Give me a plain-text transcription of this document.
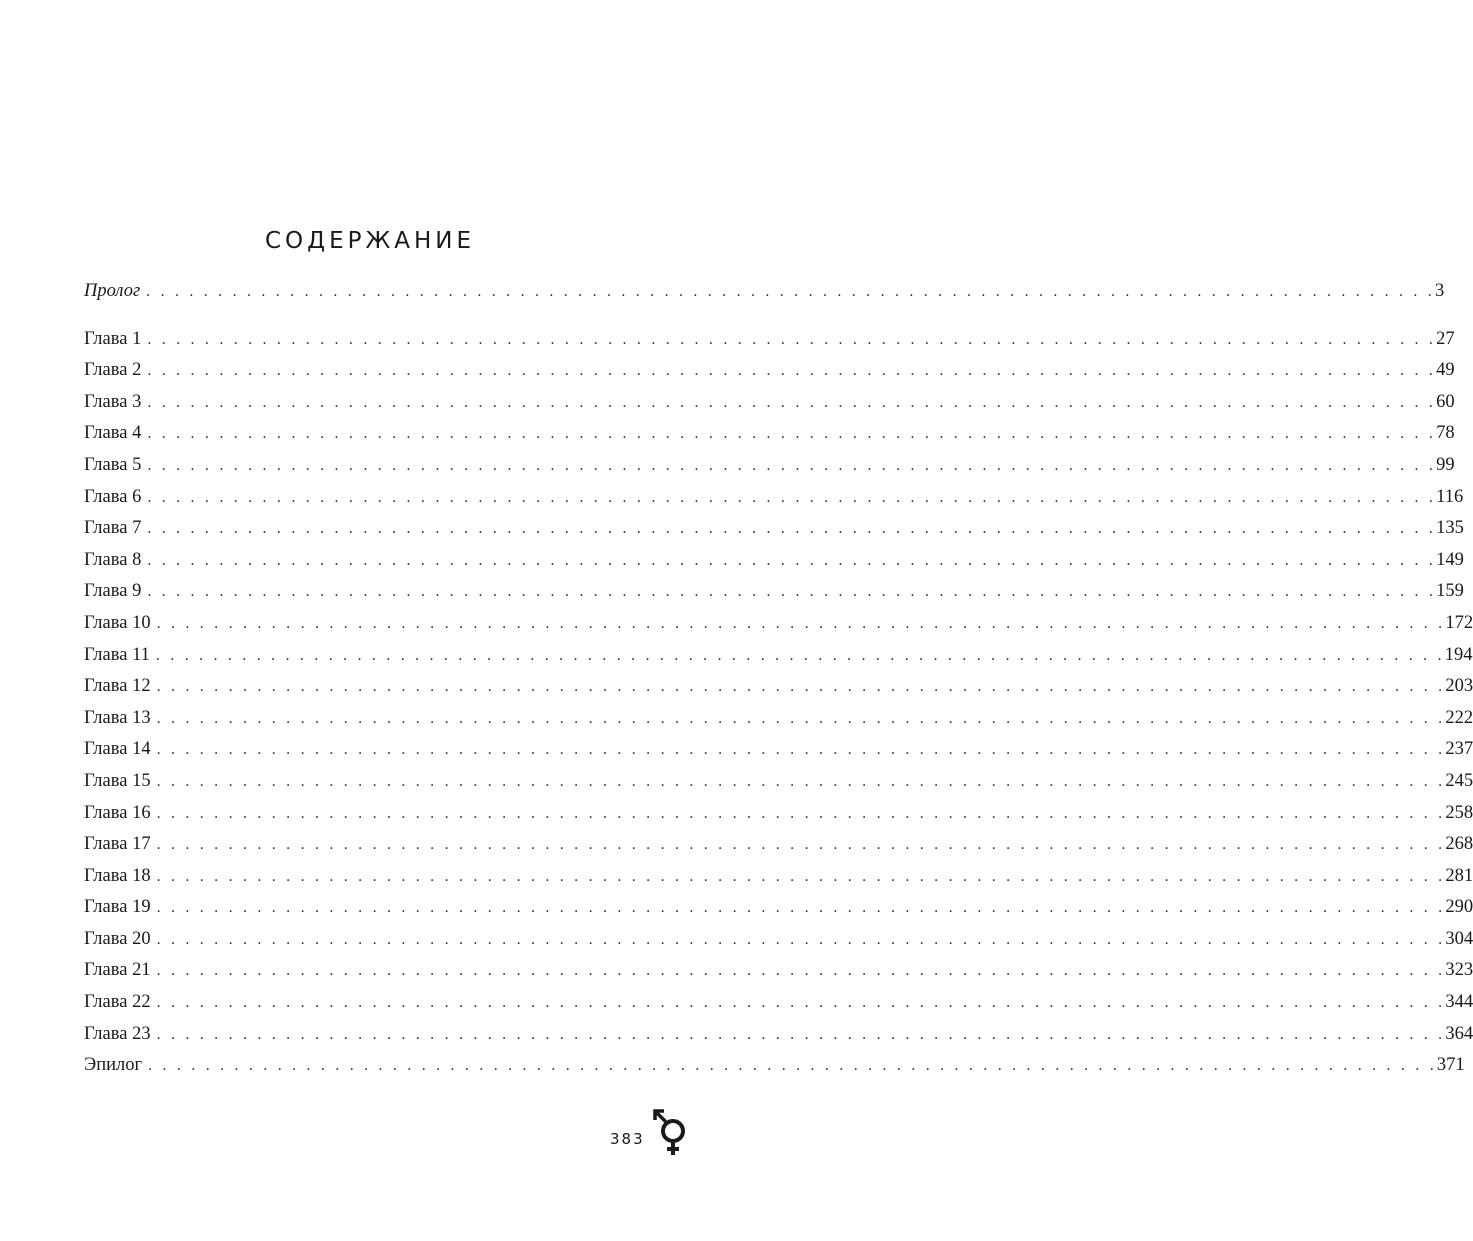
СОДЕРЖАНИЕ
Пролог . . . . . . . . . . . . . . . . . . . . . . . . . . . . . . . . . . . . . . . . . . . . . . . . . . . . . . . . . . . . . . . . . . . . . . . . . . . . . . . . . . . . . . . . . . 3
Глава 1 . . . . . . . . . . . . . . . . . . . . . . . . . . . . . . . . . . . . . . . . . . . . . . . . . . . . . . . . . . . . . . . . . . . . . . . . . . . . . . . . . . . . . . . . . . 27
Глава 2 . . . . . . . . . . . . . . . . . . . . . . . . . . . . . . . . . . . . . . . . . . . . . . . . . . . . . . . . . . . . . . . . . . . . . . . . . . . . . . . . . . . . . . . . . . 49
Глава 3 . . . . . . . . . . . . . . . . . . . . . . . . . . . . . . . . . . . . . . . . . . . . . . . . . . . . . . . . . . . . . . . . . . . . . . . . . . . . . . . . . . . . . . . . . . 60
Глава 4 . . . . . . . . . . . . . . . . . . . . . . . . . . . . . . . . . . . . . . . . . . . . . . . . . . . . . . . . . . . . . . . . . . . . . . . . . . . . . . . . . . . . . . . . . . 78
Глава 5 . . . . . . . . . . . . . . . . . . . . . . . . . . . . . . . . . . . . . . . . . . . . . . . . . . . . . . . . . . . . . . . . . . . . . . . . . . . . . . . . . . . . . . . . . . 99
Глава 6 . . . . . . . . . . . . . . . . . . . . . . . . . . . . . . . . . . . . . . . . . . . . . . . . . . . . . . . . . . . . . . . . . . . . . . . . . . . . . . . . . . . . . . . . . . 116
Глава 7 . . . . . . . . . . . . . . . . . . . . . . . . . . . . . . . . . . . . . . . . . . . . . . . . . . . . . . . . . . . . . . . . . . . . . . . . . . . . . . . . . . . . . . . . . . 135
Глава 8 . . . . . . . . . . . . . . . . . . . . . . . . . . . . . . . . . . . . . . . . . . . . . . . . . . . . . . . . . . . . . . . . . . . . . . . . . . . . . . . . . . . . . . . . . . 149
Глава 9 . . . . . . . . . . . . . . . . . . . . . . . . . . . . . . . . . . . . . . . . . . . . . . . . . . . . . . . . . . . . . . . . . . . . . . . . . . . . . . . . . . . . . . . . . . 159
Глава 10 . . . . . . . . . . . . . . . . . . . . . . . . . . . . . . . . . . . . . . . . . . . . . . . . . . . . . . . . . . . . . . . . . . . . . . . . . . . . . . . . . . . . . . . . . . 172
Глава 11 . . . . . . . . . . . . . . . . . . . . . . . . . . . . . . . . . . . . . . . . . . . . . . . . . . . . . . . . . . . . . . . . . . . . . . . . . . . . . . . . . . . . . . . . . . 194
Глава 12 . . . . . . . . . . . . . . . . . . . . . . . . . . . . . . . . . . . . . . . . . . . . . . . . . . . . . . . . . . . . . . . . . . . . . . . . . . . . . . . . . . . . . . . . . . 203
Глава 13 . . . . . . . . . . . . . . . . . . . . . . . . . . . . . . . . . . . . . . . . . . . . . . . . . . . . . . . . . . . . . . . . . . . . . . . . . . . . . . . . . . . . . . . . . . 222
Глава 14 . . . . . . . . . . . . . . . . . . . . . . . . . . . . . . . . . . . . . . . . . . . . . . . . . . . . . . . . . . . . . . . . . . . . . . . . . . . . . . . . . . . . . . . . . . 237
Глава 15 . . . . . . . . . . . . . . . . . . . . . . . . . . . . . . . . . . . . . . . . . . . . . . . . . . . . . . . . . . . . . . . . . . . . . . . . . . . . . . . . . . . . . . . . . . 245
Глава 16 . . . . . . . . . . . . . . . . . . . . . . . . . . . . . . . . . . . . . . . . . . . . . . . . . . . . . . . . . . . . . . . . . . . . . . . . . . . . . . . . . . . . . . . . . . 258
Глава 17 . . . . . . . . . . . . . . . . . . . . . . . . . . . . . . . . . . . . . . . . . . . . . . . . . . . . . . . . . . . . . . . . . . . . . . . . . . . . . . . . . . . . . . . . . . 268
Глава 18 . . . . . . . . . . . . . . . . . . . . . . . . . . . . . . . . . . . . . . . . . . . . . . . . . . . . . . . . . . . . . . . . . . . . . . . . . . . . . . . . . . . . . . . . . . 281
Глава 19 . . . . . . . . . . . . . . . . . . . . . . . . . . . . . . . . . . . . . . . . . . . . . . . . . . . . . . . . . . . . . . . . . . . . . . . . . . . . . . . . . . . . . . . . . . 290
Глава 20 . . . . . . . . . . . . . . . . . . . . . . . . . . . . . . . . . . . . . . . . . . . . . . . . . . . . . . . . . . . . . . . . . . . . . . . . . . . . . . . . . . . . . . . . . . 304
Глава 21 . . . . . . . . . . . . . . . . . . . . . . . . . . . . . . . . . . . . . . . . . . . . . . . . . . . . . . . . . . . . . . . . . . . . . . . . . . . . . . . . . . . . . . . . . . 323
Глава 22 . . . . . . . . . . . . . . . . . . . . . . . . . . . . . . . . . . . . . . . . . . . . . . . . . . . . . . . . . . . . . . . . . . . . . . . . . . . . . . . . . . . . . . . . . . 344
Глава 23 . . . . . . . . . . . . . . . . . . . . . . . . . . . . . . . . . . . . . . . . . . . . . . . . . . . . . . . . . . . . . . . . . . . . . . . . . . . . . . . . . . . . . . . . . . 364
Эпилог . . . . . . . . . . . . . . . . . . . . . . . . . . . . . . . . . . . . . . . . . . . . . . . . . . . . . . . . . . . . . . . . . . . . . . . . . . . . . . . . . . . . . . . . . . 371
383
